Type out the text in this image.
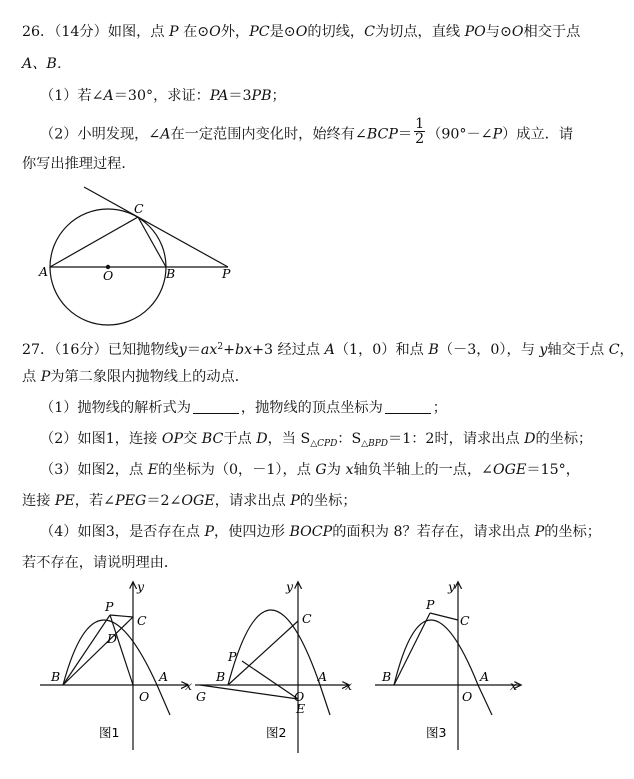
26．（14分）如图，点 P 在⊙O外，PC是⊙O的切线，C为切点，直线 PO与⊙O相交于点
A、B．
（1）若∠A＝30°，求证：PA＝3PB；
（2）小明发现，∠A在一定范围内变化时，始终有∠BCP＝ $\frac{1}{2}$ （90°－∠P）成立．请
你写出推理过程．
A	O	B	P
C
27．（16分）已知抛物线$y=ax^2+bx+3$ 经过点 A（1，0）和点 B（－3，0），与 y轴交于点 C，
点 P为第二象限内抛物线上的动点．
（1）抛物线的解析式为	，抛物线的顶点坐标为	；
（2）如图1，连接 OP交 BC于点 D，当 $S_{\triangle CPD}$：$S_{\triangle BPD}=1$：2时，请求出点 D的坐标；
（3）如图2，点 E的坐标为（0，－1），点 G为 x轴负半轴上的一点，∠OGE＝15°，
连接 PE，若∠PEG＝2∠OGE，请求出点 P的坐标；
（4）如图3，是否存在点 P，使四边形 BOCP的面积为 8？若存在，请求出点 P的坐标；
若不存在，请说明理由．
y
x
P
C
D
B
O
A
图1
y
x
P
C
B
G	O
A
E
图2
y
x
P
C
B
O
A
图3
